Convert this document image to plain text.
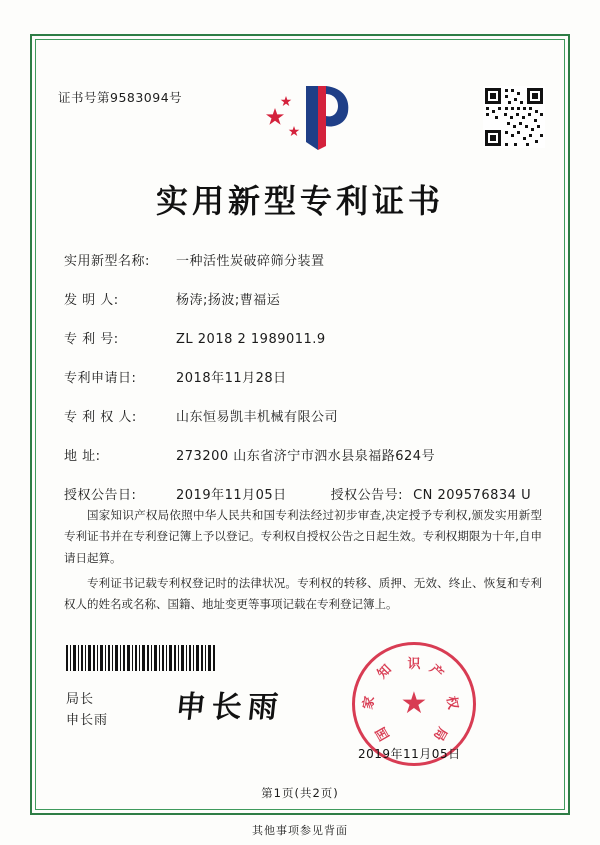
证书号第9583094号
实用新型专利证书
实用新型名称:	一种活性炭破碎筛分装置
发 明 人:	杨涛;扬波;曹福运
专 利 号:	ZL 2018 2 1989011.9
专利申请日:	2018年11月28日
专 利 权 人:	山东恒易凯丰机械有限公司
地 址:	273200 山东省济宁市泗水县泉福路624号
授权公告日:	2019年11月05日	授权公告号: CN 209576834 U

国家知识产权局依照中华人民共和国专利法经过初步审查,决定授予专利权,颁发实用新型专利证书并在专利登记簿上予以登记。专利权自授权公告之日起生效。专利权期限为十年,自申请日起算。

专利证书记载专利权登记时的法律状况。专利权的转移、质押、无效、终止、恢复和专利权人的姓名或名称、国籍、地址变更等事项记载在专利登记簿上。

局长
申长雨 申长雨	★
识 产
权
局
知
家
国
2019年11月05日
第1页(共2页)
其他事项参见背面
